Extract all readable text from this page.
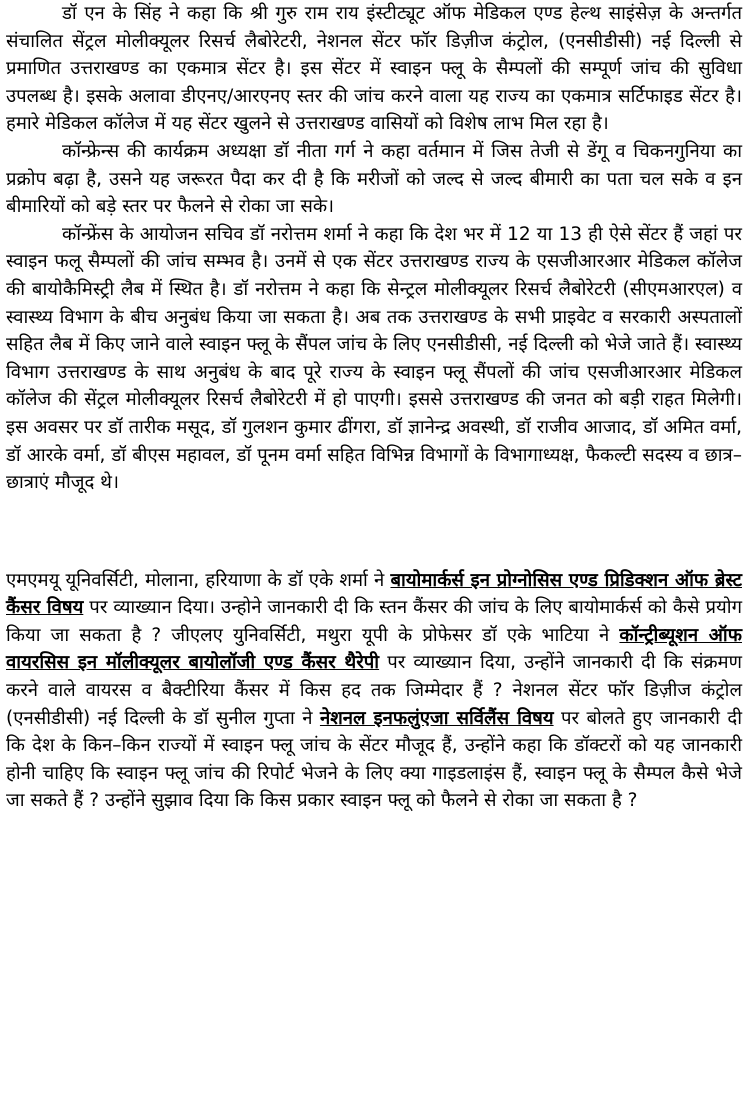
डॉ एन के सिंह ने कहा कि श्री गुरु राम राय इंस्टीट्यूट ऑफ मेडिकल एण्ड हेल्थ साइंसेज़ के अन्तर्गत संचालित सेंट्रल मोलीक्यूलर रिसर्च लैबोरेटरी, नेशनल सेंटर फॉर डिज़ीज कंट्रोल, (एनसीडीसी) नई दिल्ली से प्रमाणित उत्तराखण्ड का एकमात्र सेंटर है। इस सेंटर में स्वाइन फ्लू के सैम्पलों की सम्पूर्ण जांच की सुविधा उपलब्ध है। इसके अलावा डीएनए/आरएनए स्तर की जांच करने वाला यह राज्य का एकमात्र सर्टिफाइड सेंटर है। हमारे मेडिकल कॉलेज में यह सेंटर खुलने से उत्तराखण्ड वासियों को विशेष लाभ मिल रहा है।

कॉन्फ्रेन्स की कार्यक्रम अध्यक्षा डॉ नीता गर्ग ने कहा वर्तमान में जिस तेजी से डेंगू व चिकनगुनिया का प्रक्रोप बढ़ा है, उसने यह जरूरत पैदा कर दी है कि मरीजों को जल्द से जल्द बीमारी का पता चल सके व इन बीमारियों को बड़े स्तर पर फैलने से रोका जा सके।

कॉन्फ्रेंस के आयोजन सचिव डॉ नरोत्तम शर्मा ने कहा कि देश भर में 12 या 13 ही ऐसे सेंटर हैं जहां पर स्वाइन फलू सैम्पलों की जांच सम्भव है। उनमें से एक सेंटर उत्तराखण्ड राज्य के एसजीआरआर मेडिकल कॉलेज की बायोकैमिस्ट्री लैब में स्थित है। डॉ नरोत्तम ने कहा कि सेन्ट्रल मोलीक्यूलर रिसर्च लैबोरेटरी (सीएमआरएल) व स्वास्थ्य विभाग के बीच अनुबंध किया जा सकता है। अब तक उत्तराखण्ड के सभी प्राइवेट व सरकारी अस्पतालों सहित लैब में किए जाने वाले स्वाइन फ्लू के सैंपल जांच के लिए एनसीडीसी, नई दिल्ली को भेजे जाते हैं। स्वास्थ्य विभाग उत्तराखण्ड के साथ अनुबंध के बाद पूरे राज्य के स्वाइन फ्लू सैंपलों की जांच एसजीआरआर मेडिकल कॉलेज की सेंट्रल मोलीक्यूलर रिसर्च लैबोरेटरी में हो पाएगी। इससे उत्तराखण्ड की जनत को बड़ी राहत मिलेगी। इस अवसर पर डॉ तारीक मसूद, डॉ गुलशन कुमार ढींगरा, डॉ ज्ञानेन्द्र अवस्थी, डॉ राजीव आजाद, डॉ अमित वर्मा, डॉ आरके वर्मा, डॉ बीएस महावल, डॉ पूनम वर्मा सहित विभिन्न विभागों के विभागाध्यक्ष, फैकल्टी सदस्य व छात्र–छात्राएं मौजूद थे।

एमएमयू यूनिवर्सिटी, मोलाना, हरियाणा के डॉ एके शर्मा ने बायोमार्कर्स इन प्रोग्नोसिस एण्ड प्रिडिक्शन ऑफ ब्रेस्ट कैंसर विषय पर व्याख्यान दिया। उन्होने जानकारी दी कि स्तन कैंसर की जांच के लिए बायोमार्कर्स को कैसे प्रयोग किया जा सकता है ? जीएलए युनिवर्सिटी, मथुरा यूपी के प्रोफेसर डॉ एके भाटिया ने कॉन्ट्रीब्यूशन ऑफ वायरसिस इन मॉलीक्यूलर बायोलॉजी एण्ड कैंसर थैरेपी पर व्याख्यान दिया, उन्होंने जानकारी दी कि संक्रमण करने वाले वायरस व बैक्टीरिया कैंसर में किस हद तक जिम्मेदार हैं ? नेशनल सेंटर फॉर डिज़ीज कंट्रोल (एनसीडीसी) नई दिल्ली के डॉ सुनील गुप्ता ने नेशनल इनफलुंएजा सर्विलैंस विषय पर बोलते हुए जानकारी दी कि देश के किन–किन राज्यों में स्वाइन फ्लू जांच के सेंटर मौजूद हैं, उन्होंने कहा कि डॉक्टरों को यह जानकारी होनी चाहिए कि स्वाइन फ्लू जांच की रिपोर्ट भेजने के लिए क्या गाइडलाइंस हैं, स्वाइन फ्लू के सैम्पल कैसे भेजे जा सकते हैं ? उन्होंने सुझाव दिया कि किस प्रकार स्वाइन फ्लू को फैलने से रोका जा सकता है ?
